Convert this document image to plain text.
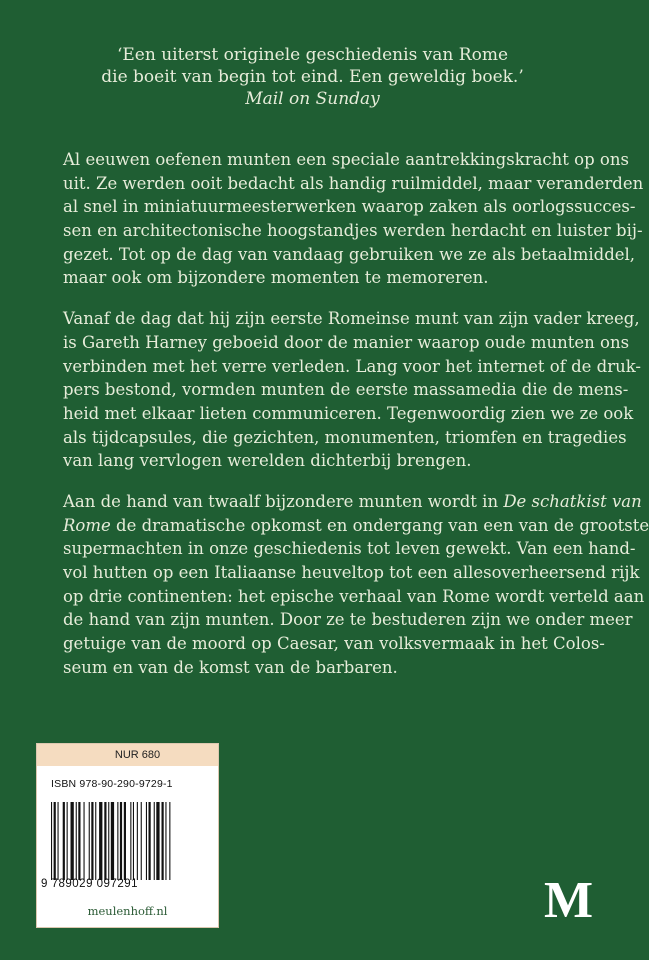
‘Een uiterst originele geschiedenis van Rome
die boeit van begin tot eind. Een geweldig boek.’
Mail on Sunday

Al eeuwen oefenen munten een speciale aantrekkingskracht op ons
uit. Ze werden ooit bedacht als handig ruilmiddel, maar veranderden
al snel in miniatuurmeesterwerken waarop zaken als oorlogssucces-
sen en architectonische hoogstandjes werden herdacht en luister bij-
gezet. Tot op de dag van vandaag gebruiken we ze als betaalmiddel,
maar ook om bijzondere momenten te memoreren.

Vanaf de dag dat hij zijn eerste Romeinse munt van zijn vader kreeg,
is Gareth Harney geboeid door de manier waarop oude munten ons
verbinden met het verre verleden. Lang voor het internet of de druk-
pers bestond, vormden munten de eerste massamedia die de mens-
heid met elkaar lieten communiceren. Tegenwoordig zien we ze ook
als tijdcapsules, die gezichten, monumenten, triomfen en tragedies
van lang vervlogen werelden dichterbij brengen.

Aan de hand van twaalf bijzondere munten wordt in De schatkist van
Rome de dramatische opkomst en ondergang van een van de grootste
supermachten in onze geschiedenis tot leven gewekt. Van een hand-
vol hutten op een Italiaanse heuveltop tot een allesoverheersend rijk
op drie continenten: het epische verhaal van Rome wordt verteld aan
de hand van zijn munten. Door ze te bestuderen zijn we onder meer
getuige van de moord op Caesar, van volksvermaak in het Colos-
seum en van de komst van de barbaren.

NUR 680
ISBN 978-90-290-9729-1
9 789029 097291
meulenhoff.nl	M
